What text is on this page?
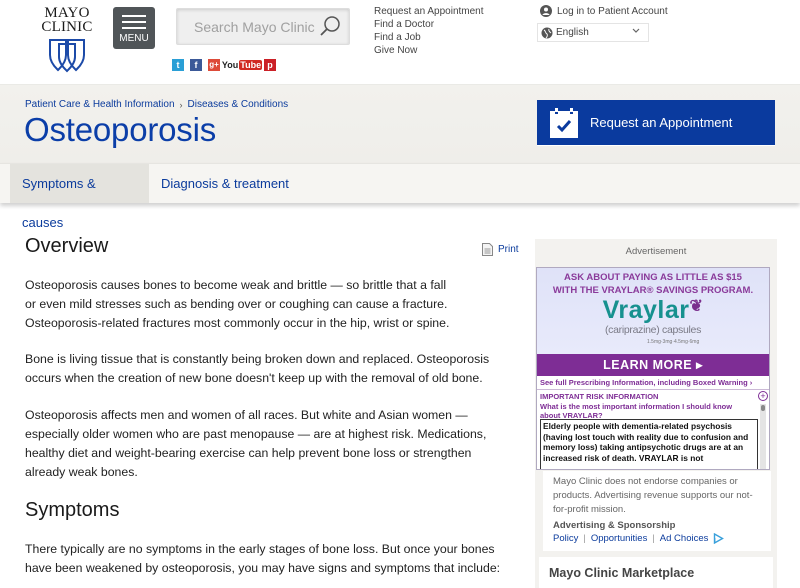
MAYO
CLINIC
MENU
Search Mayo Clinic
t	f	g+ You Tube p
Request an Appointment
Find a Doctor
Find a Job
Give Now
Log in to Patient Account
English
Patient Care & Health Information › Diseases & Conditions
Osteoporosis	Request an Appointment
Symptoms & causes
Diagnosis & treatment
Overview	Print

Osteoporosis causes bones to become weak and brittle — so brittle that a fall or even mild stresses such as bending over or coughing can cause a fracture. Osteoporosis-related fractures most commonly occur in the hip, wrist or spine.

Bone is living tissue that is constantly being broken down and replaced. Osteoporosis occurs when the creation of new bone doesn't keep up with the removal of old bone.

Osteoporosis affects men and women of all races. But white and Asian women — especially older women who are past menopause — are at highest risk. Medications, healthy diet and weight-bearing exercise can help prevent bone loss or strengthen already weak bones.

Symptoms

There typically are no symptoms in the early stages of bone loss. But once your bones have been weakened by osteoporosis, you may have signs and symptoms that include:

Advertisement
ASK ABOUT PAYING AS LITTLE AS $15
WITH THE VRAYLAR® SAVINGS PROGRAM.
Vraylar❦
(cariprazine) capsules
1.5mg·3mg·4.5mg·6mg
LEARN MORE ▸
See full Prescribing Information, including Boxed Warning ›
IMPORTANT RISK INFORMATION
What is the most important information I should know about VRAYLAR?
+
Elderly people with dementia-related psychosis (having lost touch with reality due to confusion and memory loss) taking antipsychotic drugs are at an increased risk of death. VRAYLAR is not
Mayo Clinic does not endorse companies or products. Advertising revenue supports our not-for-profit mission.
Advertising & Sponsorship
Policy | Opportunities | Ad Choices
Mayo Clinic Marketplace
